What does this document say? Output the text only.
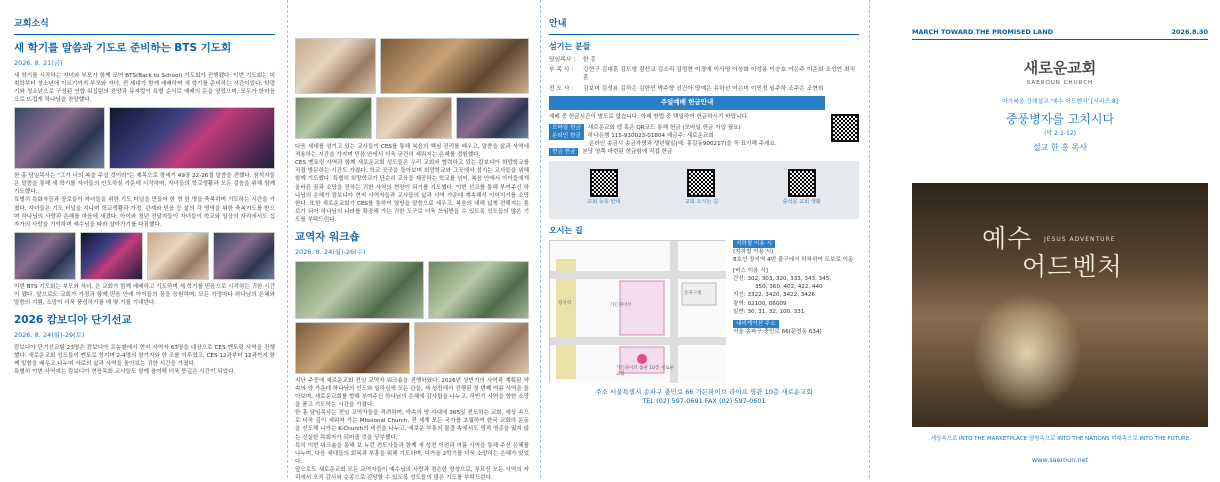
교회소식
새 학기를 말씀과 기도로 준비하는 BTS 기도회
2026. 8. 21(금)
새 학기를 시작하는 자녀와 부모가 함께 모여 BTS(Back to School) 기도회가 진행됐다. 이번 기도회는 미취학부터 청소년에 이르기까지 부모와 자녀, 전 세대가 함께 예배하며 새 학기를 준비하는 시간이었다. 학령기와 청소년으로 구성된 연합 워십팀의 찬양과 뮤지컬이 특별 순서로 예배의 문을 열었으며, 모두가 한마음으로 뜨겁게 하나님을 찬양했다.
한 홍 담임목사는 "그가 너의 복을 주실 것이라"는 제목으로 창세기 49장 22-26절 말씀을 전했다. 참석자들은 말씀을 통해 새 학기를 자녀들의 인도하심 가운데 시작하며, 자녀들의 학교생활과 모든 걸음을 위해 함께 기도했다.
특별히 특화자들과 장로들이 자녀들을 위한 기도 터널을 만들어 한 명 한 명을 축복하며 기도하는 시간을 가졌다. 자녀들은 기도 터널을 지나며 학교생활과 가정, 관계와 믿음 등 삶의 각 영역을 위한 축복기도를 받으며 하나님의 사랑과 은혜를 마음에 새겼다. 아이와 청년 전달자들이 자녀들이 학교와 일상의 자리에서도 십자가의 사랑을 기억하며 예수님을 따라 살아가기를 다짐했다.
이번 BTS 기도회는 부모와 자녀, 온 교회가 함께 예배하고 기도하며 새 학기를 믿음으로 시작하는 귀한 시간이 됐다. 앞으로도 교회가 가정과 함께 믿음 안에 아이들의 꿈을 응원하며, 모든 가정마다 하나님의 은혜와 말씀의 기쁨, 소망이 더욱 풍성하기를 매 몇 기를 기대한다.
2026 캄보디아 단기선교
2026. 8. 24(월)-29(토)
캄보디아 단기선교팀 23명은 캄보디아 프놈펜에서 현지 사역자 63명을 대상으로 CES 멘토링 사역을 진행했다. 새로운교회 성도들이 멘토로 섬기며 2-4명의 참가자와 한 조를 이루었고, CES 12과부터 12과까지 함께 말씀을 배우고 나누며 서로의 삶과 사역을 돌아보는 귀한 시간을 가졌다.
특별히 이번 사역에는 캄보디아 현장목회 교사들도 함께 참여해 더욱 뜻깊은 시간이 되었다.
다음 세대를 섬기고 있는 교사들이 CES를 통해 복음의 핵심 진리를 배우고, 말씀을 삶과 사역에 적용하는 시간을 가지며 믿음 안에서 더욱 굳건히 세워지는 은혜를 경험했다.
CES 멘토링 사역과 함께 새로운교회 성도들은 우리 교회와 협력하고 있는 캄보디아 희망학교를 직접 방문하는 시간도 가졌다. 학교 곳곳을 돌아보며 희망학교와 그곳에서 섬기는 교사들을 위해 함께 기도했다. 특별히 희망학교가 단순히 교육을 제공하는 학교를 넘어, 복음 안에서 아이들에게 올바른 꿈과 소망을 전하는 귀한 사역의 현장이 되기를 기도했다. 이번 선교를 통해 부여주신 하나님의 은혜가 캄보디아 현지 사역자들과 교사들의 삶과 사역 가운데 계속해서 이어지기를 소망한다. 또한 새로운교회가 CES를 통하여 열방을 말씀으로 세우고, 복음의 대해 넓게 전해지는 통로가 되어 하나님의 나라를 확장해 가는 귀한 도구로 더욱 쓰임받을 수 있도록 성도들의 많은 기도를 부탁드린다.
교역자 워크숍
2026. 8. 24(월)-26(수)
지난 주중에 새로운교회 전임 교역자 워크숍을 진행하였다. 2026년 상반기의 사역과 계획된 약속의 양 가운데 하나님의 인도와 일하심에 모든 관들, 새 성전에서 진행된 첫 번째 여름 사역을 돌아보며, 새로운교회를 향해 부여주신 하나님의 은혜에 감사함을 나누고, 하반기 사역을 향한 소망을 품고 기도하는 시간을 가졌다.
한 홍 담임목사는 전임 교역자들을 격려하며, 약속의 땅 시대에 365일 전도하는 교회, 세상 속으로 더욱 깊이 세워져 가는 Missional Church, 전 세계 모든 국가를 초월하여 한국 교회의 운동을 선도해 나가는 K-Church의 비전을 나누고, 새로운 부흥의 물결 속에서도 영적 영종을 잃지 않는 신실한 목회자가 되어줄 것을 당부했다.
특히 이번 워크숍을 통해 보 뉴런 전도사들과 함께 새 성전 이전과 여름 사역을 통해 주신 은혜를 나누며, 다음 세대들의 회복과 부흥을 위해 기도하며, 다가올 2학기를 더욱 소망하는 은혜가 있었다.
앞으로도 새로운교회 모든 교역자들이 예수님의 사랑과 겸손한 영성으로, 부르신 모든 사역의 자리에서 오직 감사와 순종으로 감당할 수 있도록 성도들의 많은 기도를 부탁드린다.
안내
섬기는 분들
담임목사 :	한 홍
부 목 사 :	강현구 김대훈 김도형 김선교 김소리 김정현 이경예 이사명 이상화 이성용 이승호 이은주 이준희 조성연 최치훈
전 도 사 :	김보미 김성용 김하은 김한민 박주향 신건아 양예은 유하선 이은미 이민정 임주하 조주은 조현희
주일예배 헌금안내
예배 중 헌금시간이 별도로 없습니다. 아래 방법 중 택일하여 헌금하시기 바랍니다.
모바일 헌금 새로운교회 앱 혹은 QR코드 통해 헌금 (모바일 헌금 가입 필요)
온라인 헌금 하나은행 115-910023-01804 예금주: 새로운교회
온라인 송금시 송금자명과 생년월일(예: 홍길동900217)을 꼭 표기해 주세요.
현금 헌금 본당 양쪽 마련된 헌금함에 직접 헌금
교회 등록 안내	교회 오시는 길	출석문 교회 생활
오시는 길
가든파이브
송파구청
장지역
가든파이브 툴관 10층 새로운교회
지하철 이용 시
(지하철 이용 시)
8호선 장지역 4번 출구에서 하차하여 도보로 이동
[버스 이용 시]
간선: 302, 303, 320, 333, 343, 345,
350, 360, 402, 422, 440
지선: 3322, 3420, 3422, 3426
광역: 02100, 06009
일반: 30, 31, 32, 100, 331
내비게이션 주소
서울 송파구 충민로 66(문정동 634)
주소 서울특별시 송파구 충민로 66 가든파이브 라이프 영관 10층 새로운교회
TEL (02) 597-0691 FAX (02) 597-0601
MARCH TOWARD THE PROMISED LAND	2026.8.30
새로운교회
SAEROUN CHURCH
마가복음 강해설교 '예수 어드벤처' [시리즈 8]
중풍병자를 고치시다
(막 2:1-12)
설교 한 홍 목사
예수
어드벤처
JESUS ADVENTURE
세상속으로 INTO THE MARKETPLACE 열방속으로 INTO THE NATIONS 미래속으로 INTO THE FUTURE
www.saeroun.net
